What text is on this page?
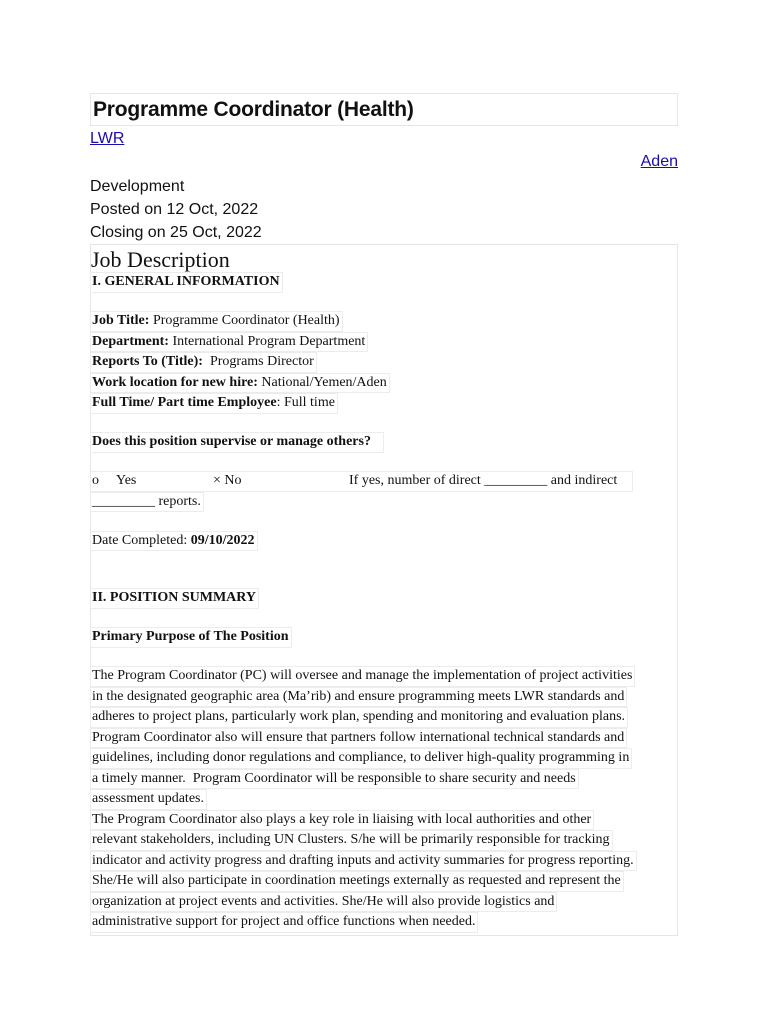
Programme Coordinator (Health)
LWR
Aden
Development
Posted on 12 Oct, 2022
Closing on 25 Oct, 2022
Job Description
I. GENERAL INFORMATION
Job Title: Programme Coordinator (Health)
Department: International Program Department
Reports To (Title):  Programs Director
Work location for new hire: National/Yemen/Aden
Full Time/ Part time Employee: Full time
Does this position supervise or manage others?
o Yes	× No	If yes, number of direct _________ and indirect
_________ reports.
Date Completed: 09/10/2022
II. POSITION SUMMARY
Primary Purpose of The Position
The Program Coordinator (PC) will oversee and manage the implementation of project activities
in the designated geographic area (Ma’rib) and ensure programming meets LWR standards and
adheres to project plans, particularly work plan, spending and monitoring and evaluation plans.
Program Coordinator also will ensure that partners follow international technical standards and
guidelines, including donor regulations and compliance, to deliver high-quality programming in
a timely manner.  Program Coordinator will be responsible to share security and needs
assessment updates.
The Program Coordinator also plays a key role in liaising with local authorities and other
relevant stakeholders, including UN Clusters. S/he will be primarily responsible for tracking
indicator and activity progress and drafting inputs and activity summaries for progress reporting.
She/He will also participate in coordination meetings externally as requested and represent the
organization at project events and activities. She/He will also provide logistics and
administrative support for project and office functions when needed.
